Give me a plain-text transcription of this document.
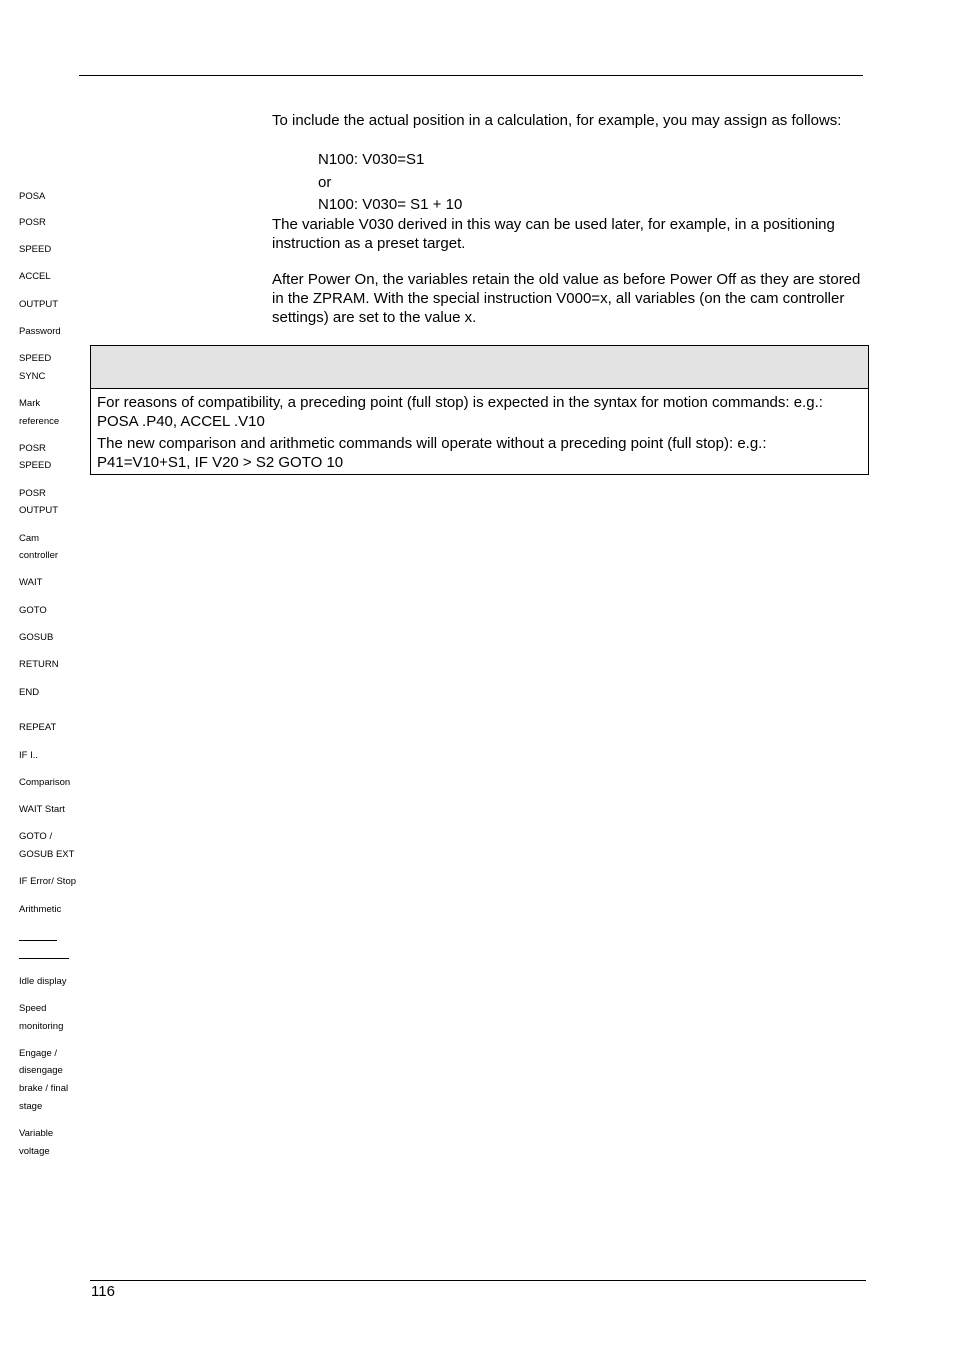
POSA
POSR
SPEED
ACCEL
OUTPUT
Password
SPEED
SYNC
Mark
reference
POSR
SPEED
POSR
OUTPUT
Cam
controller
WAIT
GOTO
GOSUB
RETURN
END
REPEAT
IF I..
Comparison
WAIT Start
GOTO /
GOSUB EXT
IF Error/ Stop
Arithmetic
Idle display
Speed
monitoring
Engage /
disengage
brake / final
stage
Variable
voltage
To include the actual position in a calculation, for example, you may assign as follows:
N100: V030=S1
or
N100: V030= S1 + 10
The variable V030 derived in this way can be used later, for example, in a positioning instruction as a preset target.
After Power On, the variables retain the old value as before Power Off as they are stored in the ZPRAM. With the special instruction V000=x, all variables (on the cam controller settings) are set to the value x.
For reasons of compatibility, a preceding point (full stop) is expected in the syntax for motion commands: e.g.: POSA .P40, ACCEL .V10
The new comparison and arithmetic commands will operate without a preceding point (full stop): e.g.: P41=V10+S1, IF V20 > S2 GOTO 10
116
